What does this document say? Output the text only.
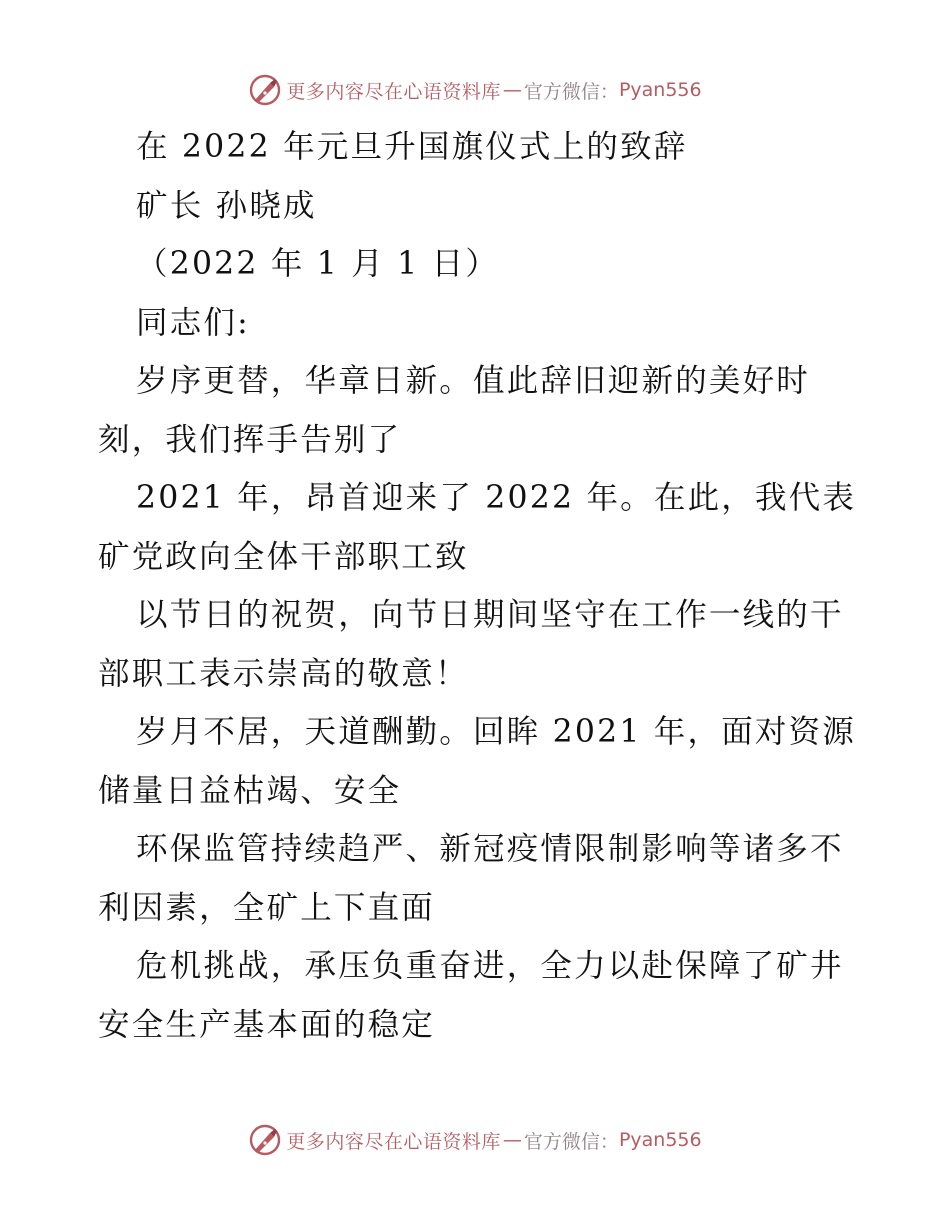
更多内容尽在心语资料库 — 官方微信： Pyan556

在 2022 年元旦升国旗仪式上的致辞

矿长 孙晓成

（2022 年 1 月 1 日）

同志们:

岁序更替，华章日新。值此辞旧迎新的美好时

刻，我们挥手告别了

2021 年，昂首迎来了 2022 年。在此，我代表

矿党政向全体干部职工致

以节日的祝贺，向节日期间坚守在工作一线的干

部职工表示崇高的敬意！

岁月不居，天道酬勤。回眸 2021 年，面对资源

储量日益枯竭、安全

环保监管持续趋严、新冠疫情限制影响等诸多不

利因素，全矿上下直面

危机挑战，承压负重奋进，全力以赴保障了矿井

安全生产基本面的稳定

更多内容尽在心语资料库 — 官方微信： Pyan556
